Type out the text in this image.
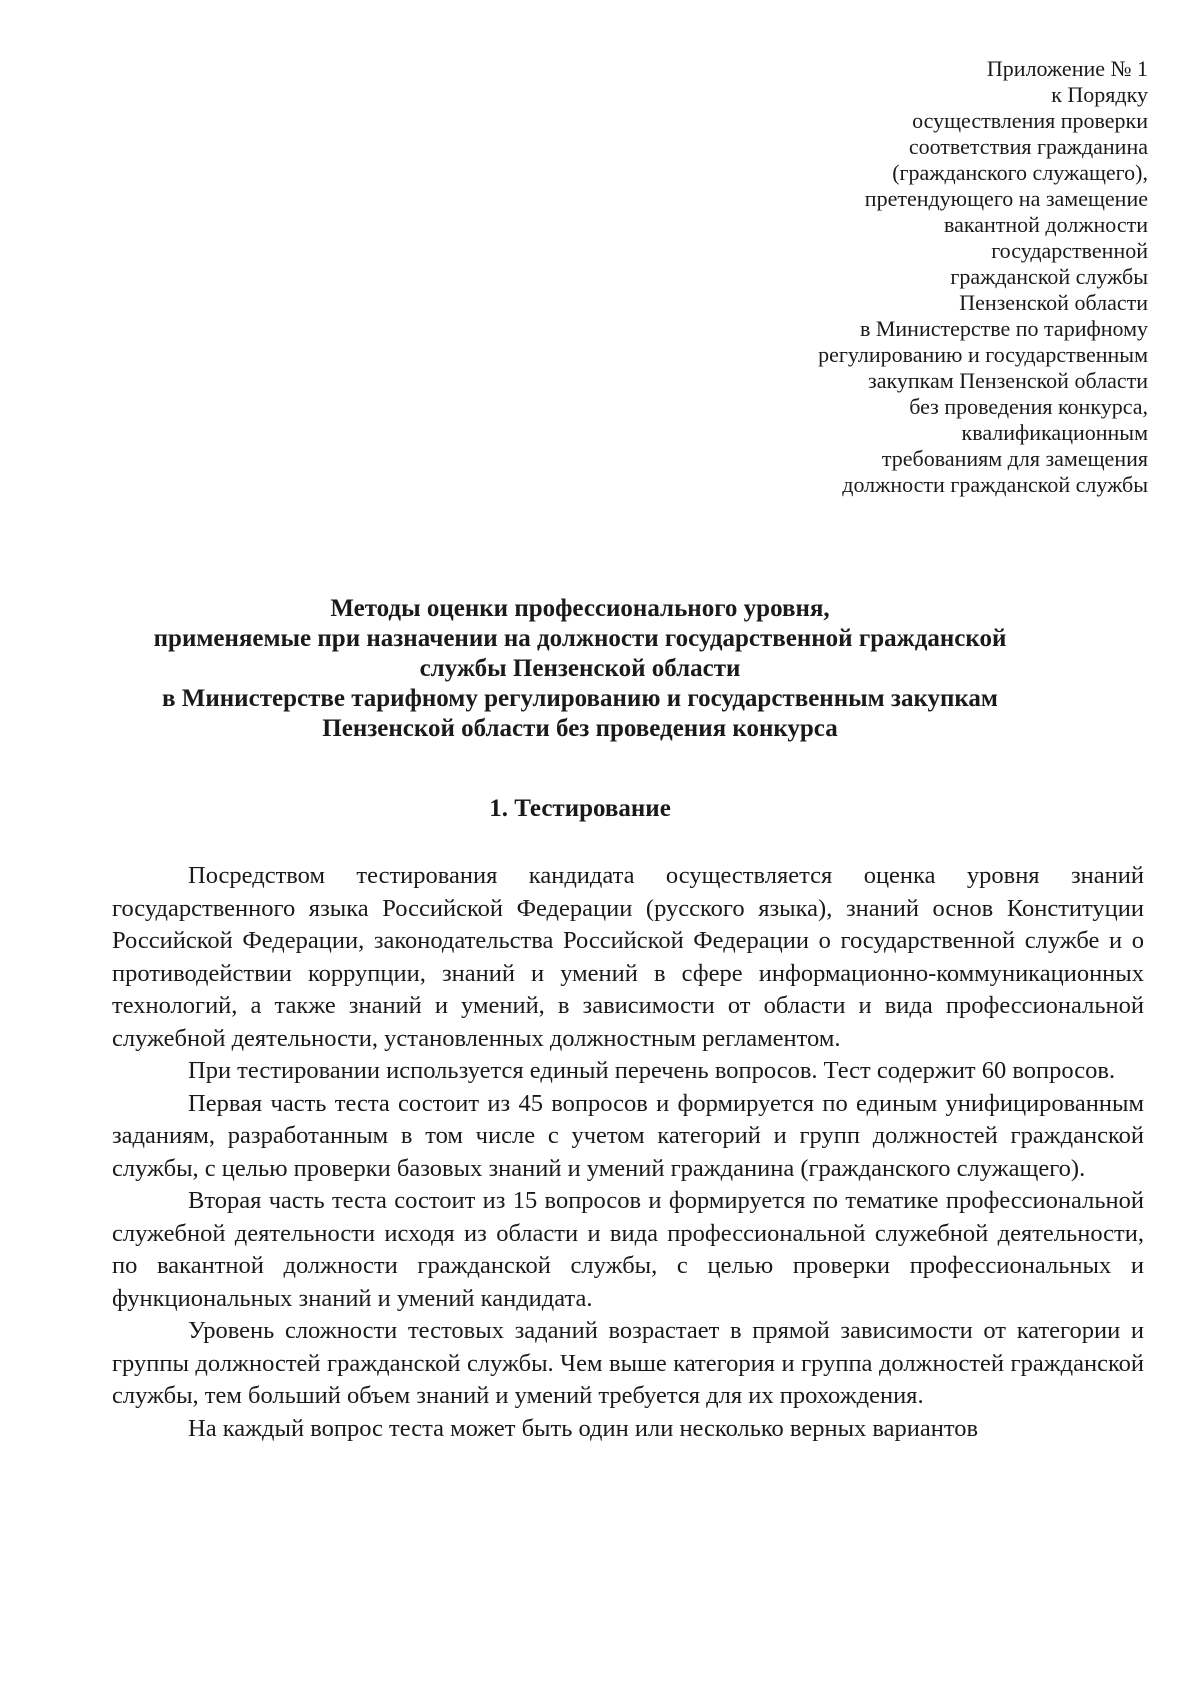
Приложение № 1
к Порядку
осуществления проверки
соответствия гражданина
(гражданского служащего),
претендующего на замещение
вакантной должности
государственной
гражданской службы
Пензенской области
в Министерстве по тарифному
регулированию и государственным
закупкам Пензенской области
без проведения конкурса,
квалификационным
требованиям для замещения
должности гражданской службы
Методы оценки профессионального уровня,
применяемые при назначении на должности государственной гражданской
службы Пензенской области
в Министерстве тарифному регулированию и государственным закупкам
Пензенской области без проведения конкурса
1. Тестирование

Посредством тестирования кандидата осуществляется оценка уровня знаний государственного языка Российской Федерации (русского языка), знаний основ Конституции Российской Федерации, законодательства Российской Федерации о государственной службе и о противодействии коррупции, знаний и умений в сфере информационно-коммуникационных технологий, а также знаний и умений, в зависимости от области и вида профессиональной служебной деятельности, установленных должностным регламентом.

При тестировании используется единый перечень вопросов. Тест содержит 60 вопросов.

Первая часть теста состоит из 45 вопросов и формируется по единым унифицированным заданиям, разработанным в том числе с учетом категорий и групп должностей гражданской службы, с целью проверки базовых знаний и умений гражданина (гражданского служащего).

Вторая часть теста состоит из 15 вопросов и формируется по тематике профессиональной служебной деятельности исходя из области и вида профессиональной служебной деятельности, по вакантной должности гражданской службы, с целью проверки профессиональных и функциональных знаний и умений кандидата.

Уровень сложности тестовых заданий возрастает в прямой зависимости от категории и группы должностей гражданской службы. Чем выше категория и группа должностей гражданской службы, тем больший объем знаний и умений требуется для их прохождения.

На каждый вопрос теста может быть один или несколько верных вариантов
